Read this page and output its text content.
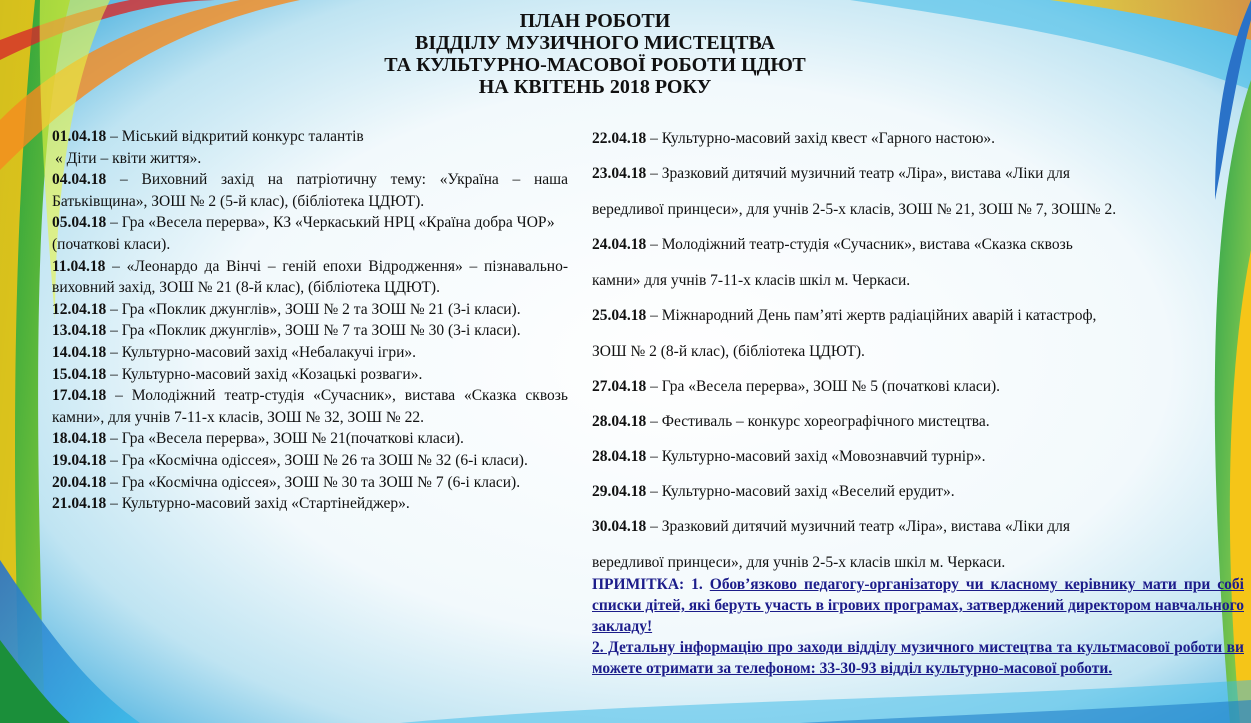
ПЛАН РОБОТИ
ВІДДІЛУ МУЗИЧНОГО МИСТЕЦТВА
ТА КУЛЬТУРНО-МАСОВОЇ РОБОТИ ЦДЮТ
НА КВІТЕНЬ 2018 РОКУ
01.04.18 – Міський відкритий конкурс талантів
« Діти – квіти життя».
04.04.18 – Виховний захід на патріотичну тему: «Україна – наша Батьківщина», ЗОШ № 2 (5-й клас), (бібліотека ЦДЮТ).
05.04.18 – Гра «Весела перерва», КЗ «Черкаський НРЦ «Країна добра ЧОР» (початкові класи).
11.04.18 – «Леонардо да Вінчі – геній епохи Відродження» – пізнавально-виховний захід, ЗОШ № 21 (8-й клас), (бібліотека ЦДЮТ).
12.04.18 – Гра «Поклик джунглів», ЗОШ № 2 та ЗОШ № 21 (3-і класи).
13.04.18 – Гра «Поклик джунглів», ЗОШ № 7 та ЗОШ № 30 (3-і класи).
14.04.18 – Культурно-масовий захід «Небалакучі ігри».
15.04.18 – Культурно-масовий захід «Козацькі розваги».
17.04.18 – Молодіжний театр-студія «Сучасник», вистава «Сказка сквозь камни», для учнів 7-11-х класів, ЗОШ № 32, ЗОШ № 22.
18.04.18 – Гра «Весела перерва», ЗОШ № 21(початкові класи).
19.04.18 – Гра «Космічна одіссея», ЗОШ № 26 та ЗОШ № 32 (6-і класи).
20.04.18 – Гра «Космічна одіссея», ЗОШ № 30 та ЗОШ № 7 (6-і класи).
21.04.18 – Культурно-масовий захід «Стартінейджер».
22.04.18 – Культурно-масовий захід квест «Гарного настою».
23.04.18 – Зразковий дитячий музичний театр «Ліра», вистава «Ліки для
вередливої принцеси», для учнів 2-5-х класів, ЗОШ № 21, ЗОШ № 7, ЗОШ№ 2.
24.04.18 – Молодіжний театр-студія «Сучасник», вистава «Сказка сквозь
камни» для учнів 7-11-х класів шкіл м. Черкаси.
25.04.18 – Міжнародний День пам’яті жертв радіаційних аварій і катастроф,
ЗОШ № 2 (8-й клас), (бібліотека ЦДЮТ).
27.04.18 – Гра «Весела перерва», ЗОШ № 5 (початкові класи).
28.04.18 – Фестиваль – конкурс хореографічного мистецтва.
28.04.18 – Культурно-масовий захід «Мовознавчий турнір».
29.04.18 – Культурно-масовий захід «Веселий ерудит».
30.04.18 – Зразковий дитячий музичний театр «Ліра», вистава «Ліки для
вередливої принцеси», для учнів 2-5-х класів шкіл м. Черкаси.
ПРИМІТКА: 1. Обов’язково педагогу-організатору чи класному керівнику мати при собі списки дітей, які беруть участь в ігрових програмах, затверджений директором навчального закладу!
2. Детальну інформацію про заходи відділу музичного мистецтва та культмасової роботи ви можете отримати за телефоном: 33-30-93 відділ культурно-масової роботи.
